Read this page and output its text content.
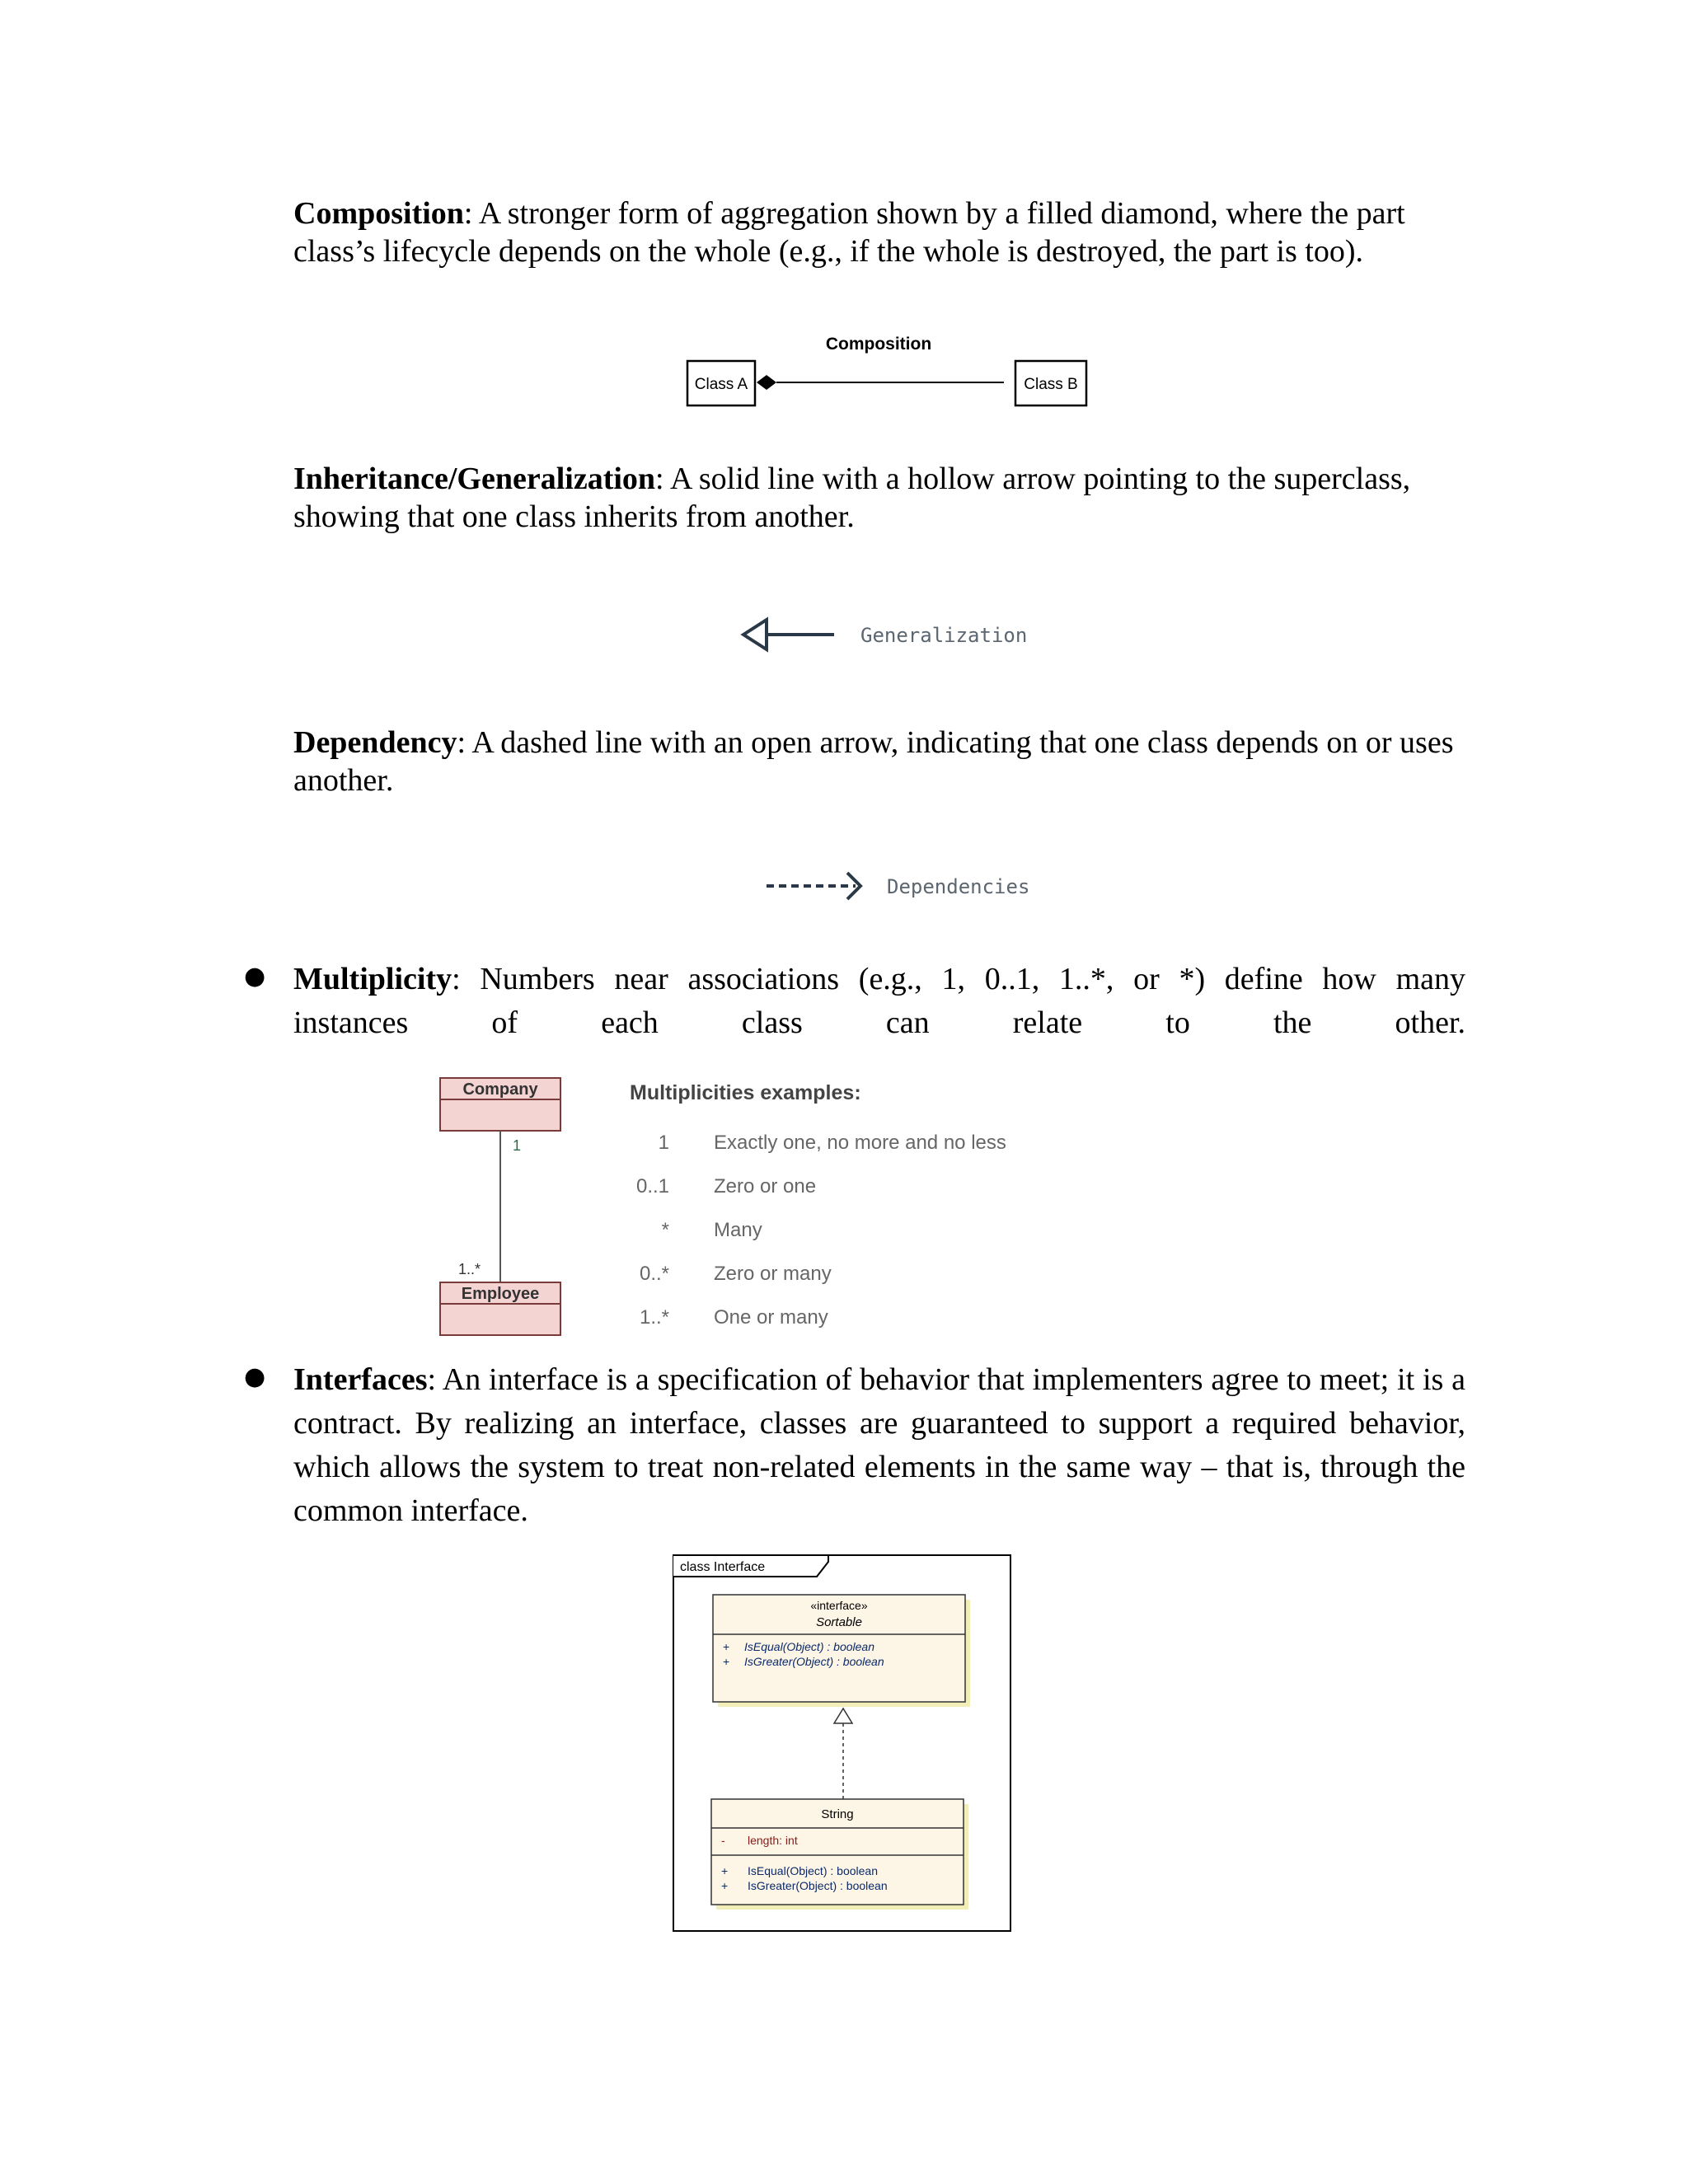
Composition: A stronger form of aggregation shown by a filled diamond, where the part class’s lifecycle depends on the whole (e.g., if the whole is destroyed, the part is too).

Composition
Class A	Class B

Inheritance/Generalization: A solid line with a hollow arrow pointing to the superclass, showing that one class inherits from another.

Generalization

Dependency: A dashed line with an open arrow, indicating that one class depends on or uses another.

Dependencies
● Multiplicity: Numbers near associations (e.g., 1, 0..1, 1..*, or *) define how many

instances of each class can relate to the other.

Company
1
1..*
Employee
Multiplicities examples:
1 Exactly one, no more and no less
0..1 Zero or one
* Many
0..* Zero or many
1..* One or many
● Interfaces: An interface is a specification of behavior that implementers agree to meet; it is a contract. By realizing an interface, classes are guaranteed to support a required behavior, which allows the system to treat non-related elements in the same way – that is, through the common interface.

class Interface
«interface»
Sortable
+ IsEqual(Object) : boolean
+ IsGreater(Object) : boolean
String
- length: int
+ IsEqual(Object) : boolean
+ IsGreater(Object) : boolean
